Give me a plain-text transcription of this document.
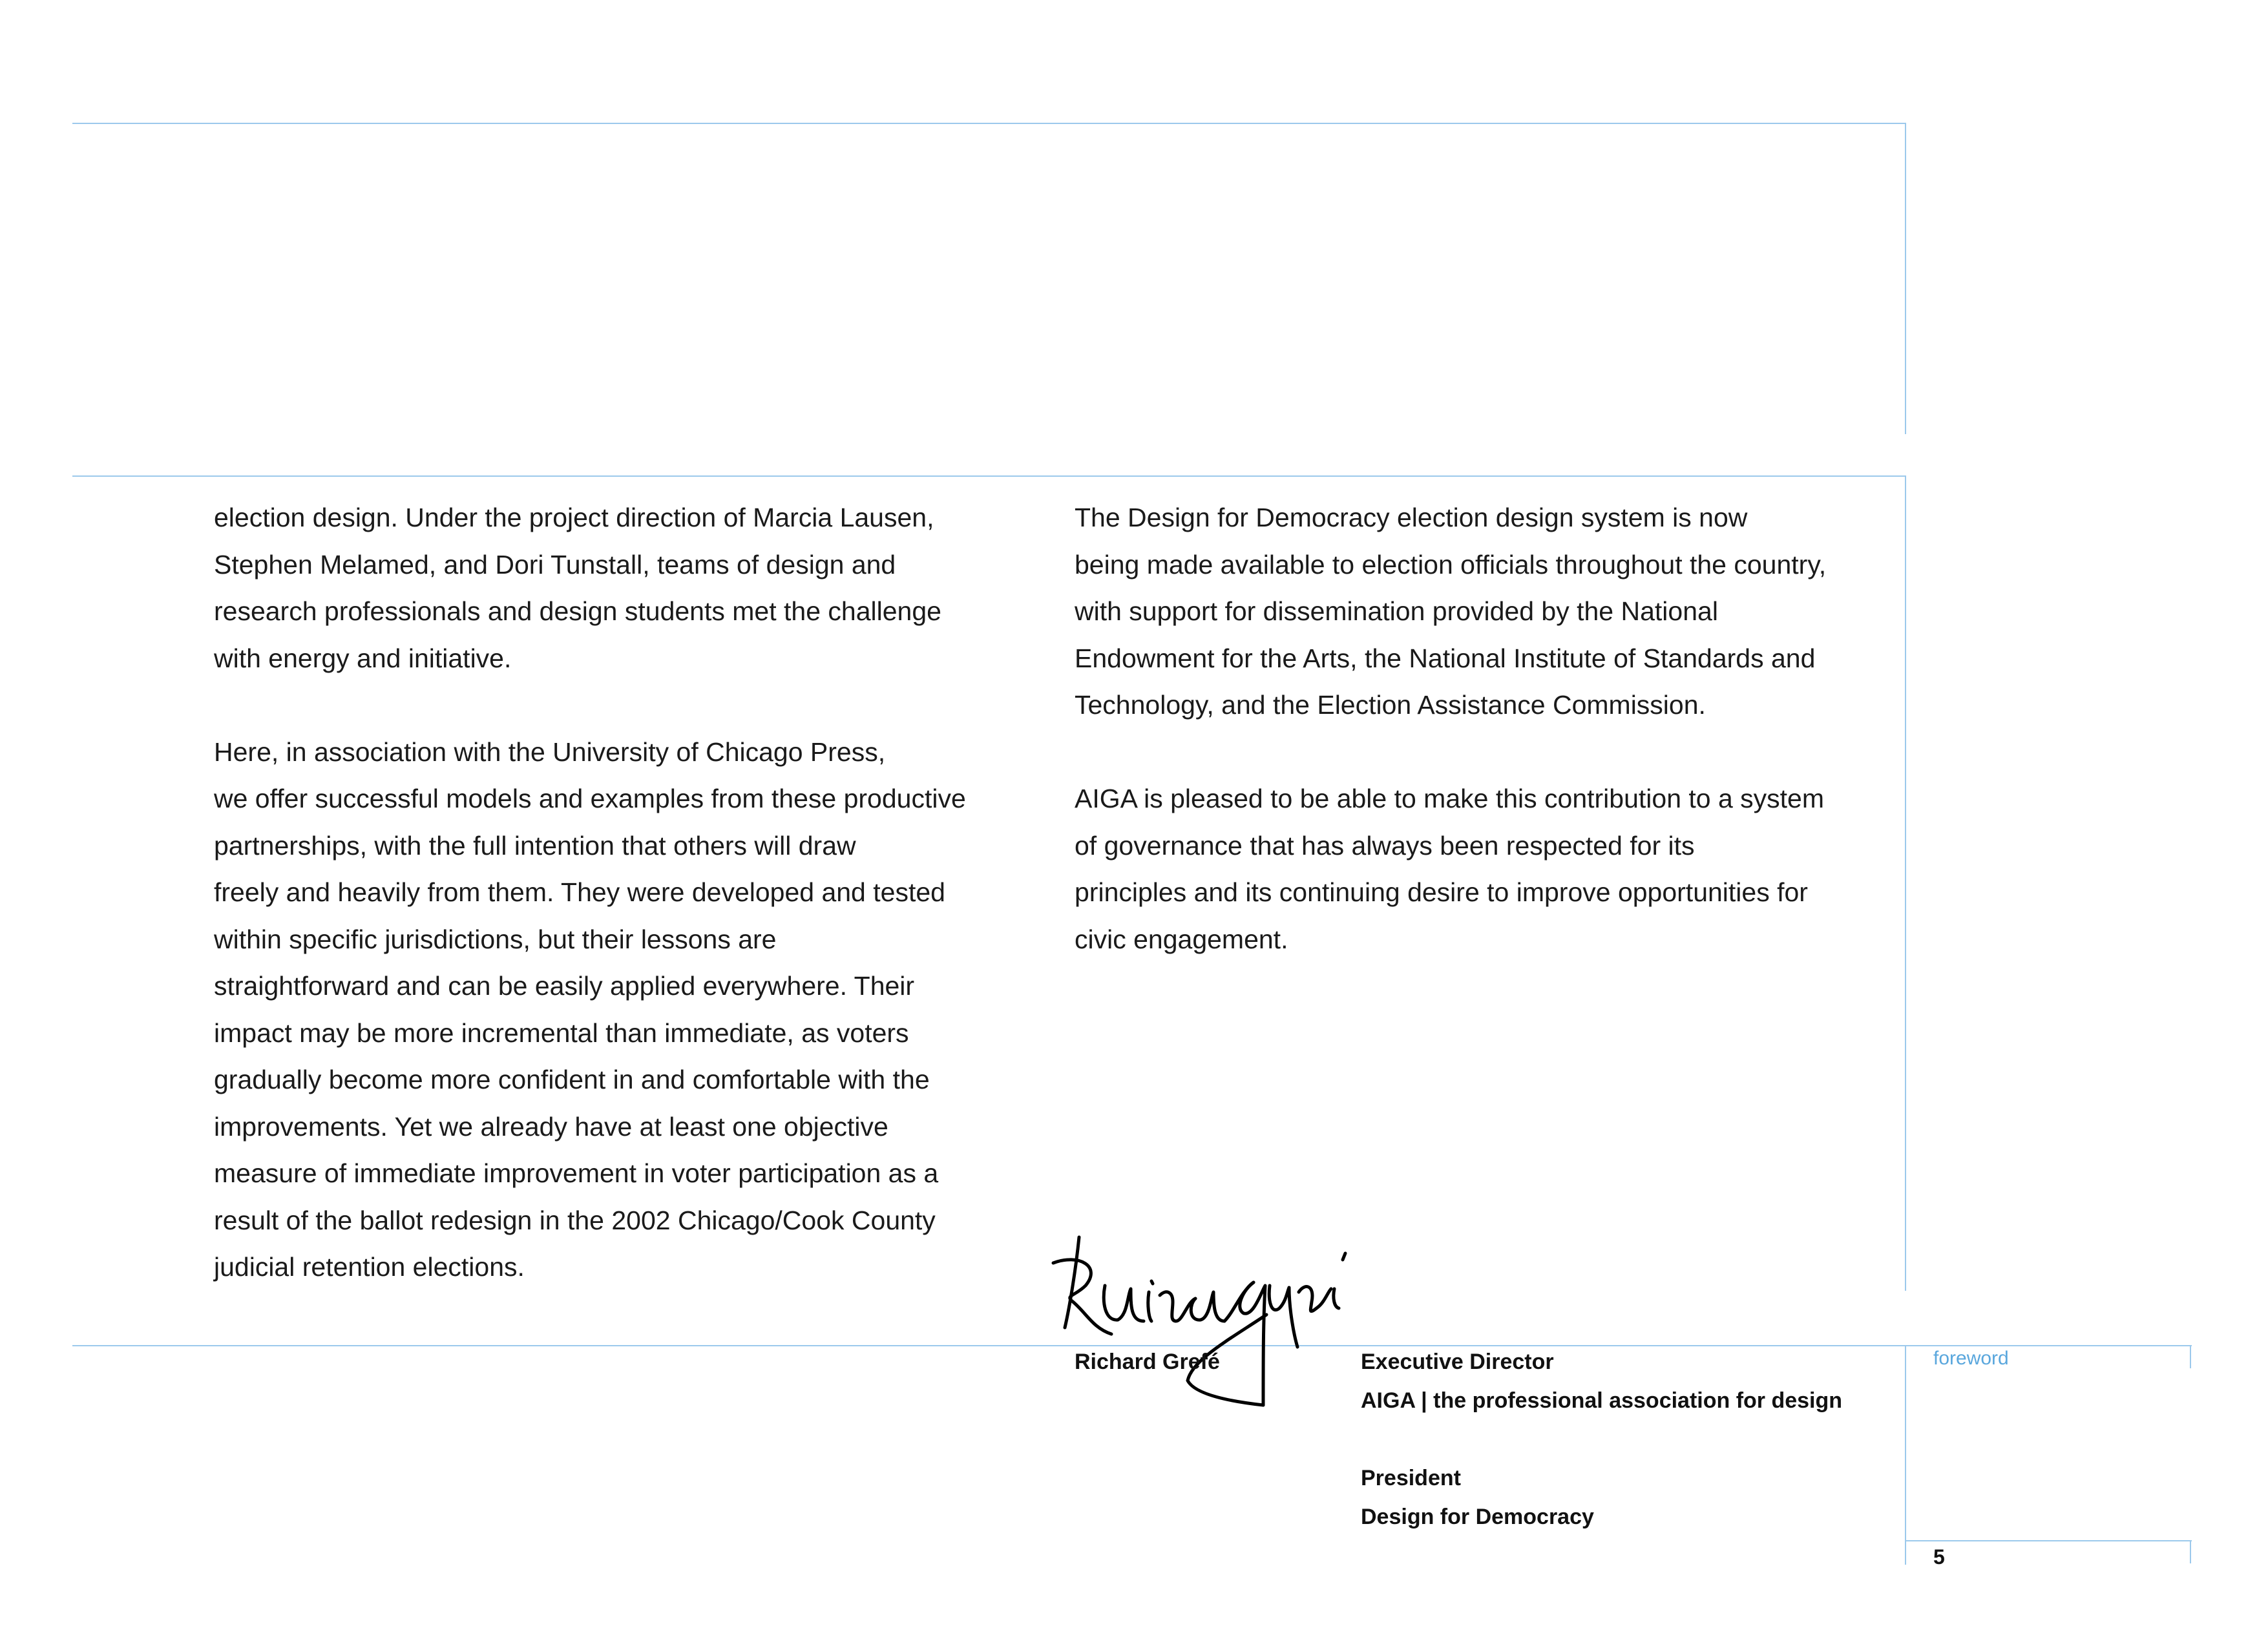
election design. Under the project direction of Marcia Lausen,
Stephen Melamed, and Dori Tunstall, teams of design and
research professionals and design students met the challenge
with energy and initiative.
Here, in association with the University of Chicago Press,
we offer successful models and examples from these productive
partnerships, with the full intention that others will draw
freely and heavily from them. They were developed and tested
within specific jurisdictions, but their lessons are
straightforward and can be easily applied everywhere. Their
impact may be more incremental than immediate, as voters
gradually become more confident in and comfortable with the
improvements. Yet we already have at least one objective
measure of immediate improvement in voter participation as a
result of the ballot redesign in the 2002 Chicago/Cook County
judicial retention elections.
The Design for Democracy election design system is now
being made available to election officials throughout the country,
with support for dissemination provided by the National
Endowment for the Arts, the National Institute of Standards and
Technology, and the Election Assistance Commission.
AIGA is pleased to be able to make this contribution to a system
of governance that has always been respected for its
principles and its continuing desire to improve opportunities for
civic engagement.
Richard Grefé	Executive Director
AIGA | the professional association for design
President
Design for Democracy
foreword
5
